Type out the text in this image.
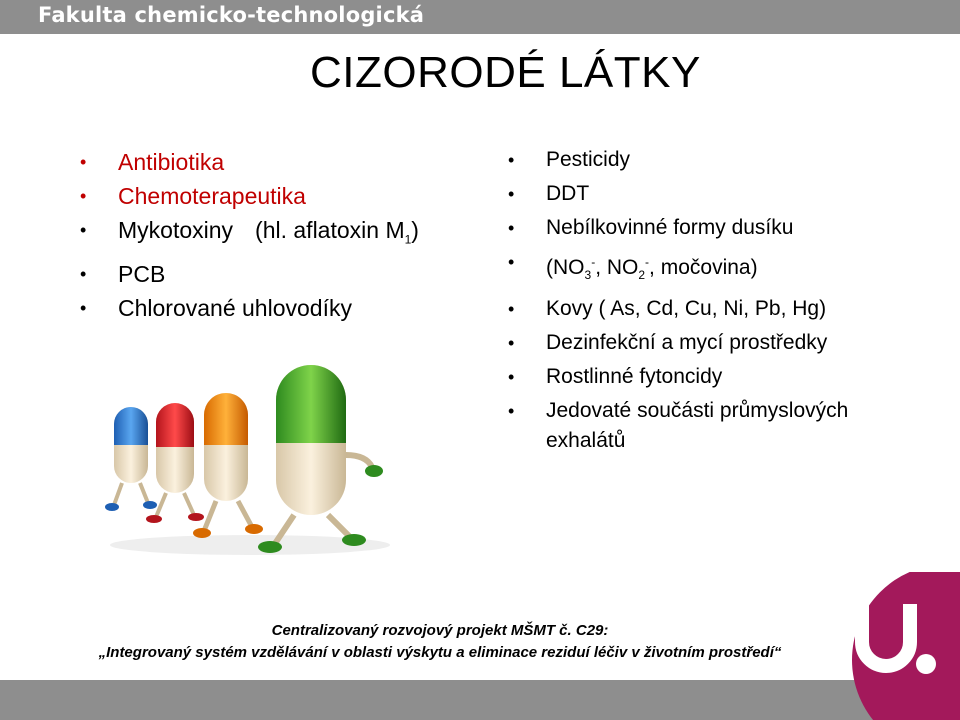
Fakulta chemicko-technologická
CIZORODÉ LÁTKY
• Antibiotika
• Chemoterapeutika
• Mykotoxiny (hl. aflatoxin $M_1$)
• PCB
• Chlorované uhlovodíky
• Pesticidy
• DDT
• Nebílkovinné formy dusíku
• ($NO_3^-$, $NO_2^-$, močovina)
• Kovy ( As, Cd, Cu, Ni, Pb, Hg)
• Dezinfekční a mycí prostředky
• Rostlinné fytoncidy
• Jedovaté součásti průmyslových exhalátů
Centralizovaný rozvojový projekt MŠMT č. C29:
„Integrovaný systém vzdělávání v oblasti výskytu a eliminace reziduí léčiv v životním prostředí“
